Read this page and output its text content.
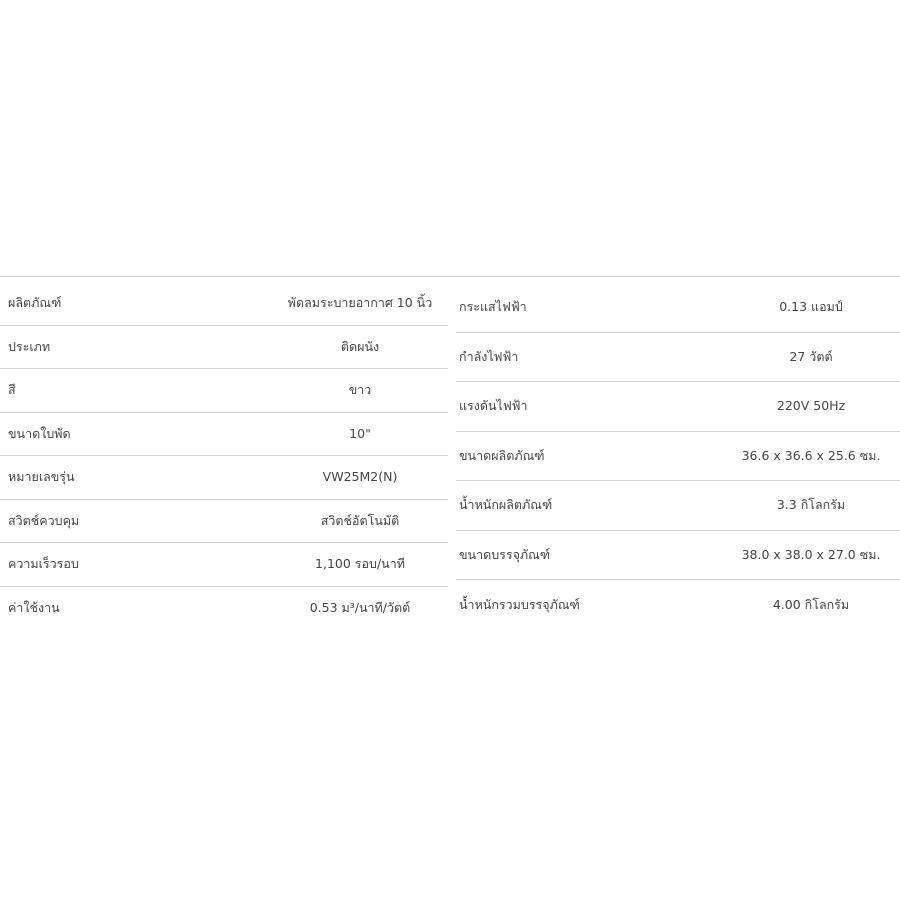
ผลิตภัณฑ์	พัดลมระบายอากาศ 10 นิ้ว
ประเภท	ติดผนัง
สี	ขาว
ขนาดใบพัด	10"
หมายเลขรุ่น	VW25M2(N)
สวิตช์ควบคุม	สวิตช์อัตโนมัติ
ความเร็วรอบ	1,100 รอบ/นาที
ค่าใช้งาน	0.53 ม³/นาที/วัตต์
กระแสไฟฟ้า	0.13 แอมป์
กำลังไฟฟ้า	27 วัตต์
แรงดันไฟฟ้า	220V 50Hz
ขนาดผลิตภัณฑ์	36.6 x 36.6 x 25.6 ซม.
น้ำหนักผลิตภัณฑ์	3.3 กิโลกรัม
ขนาดบรรจุภัณฑ์	38.0 x 38.0 x 27.0 ซม.
น้ำหนักรวมบรรจุภัณฑ์	4.00 กิโลกรัม
